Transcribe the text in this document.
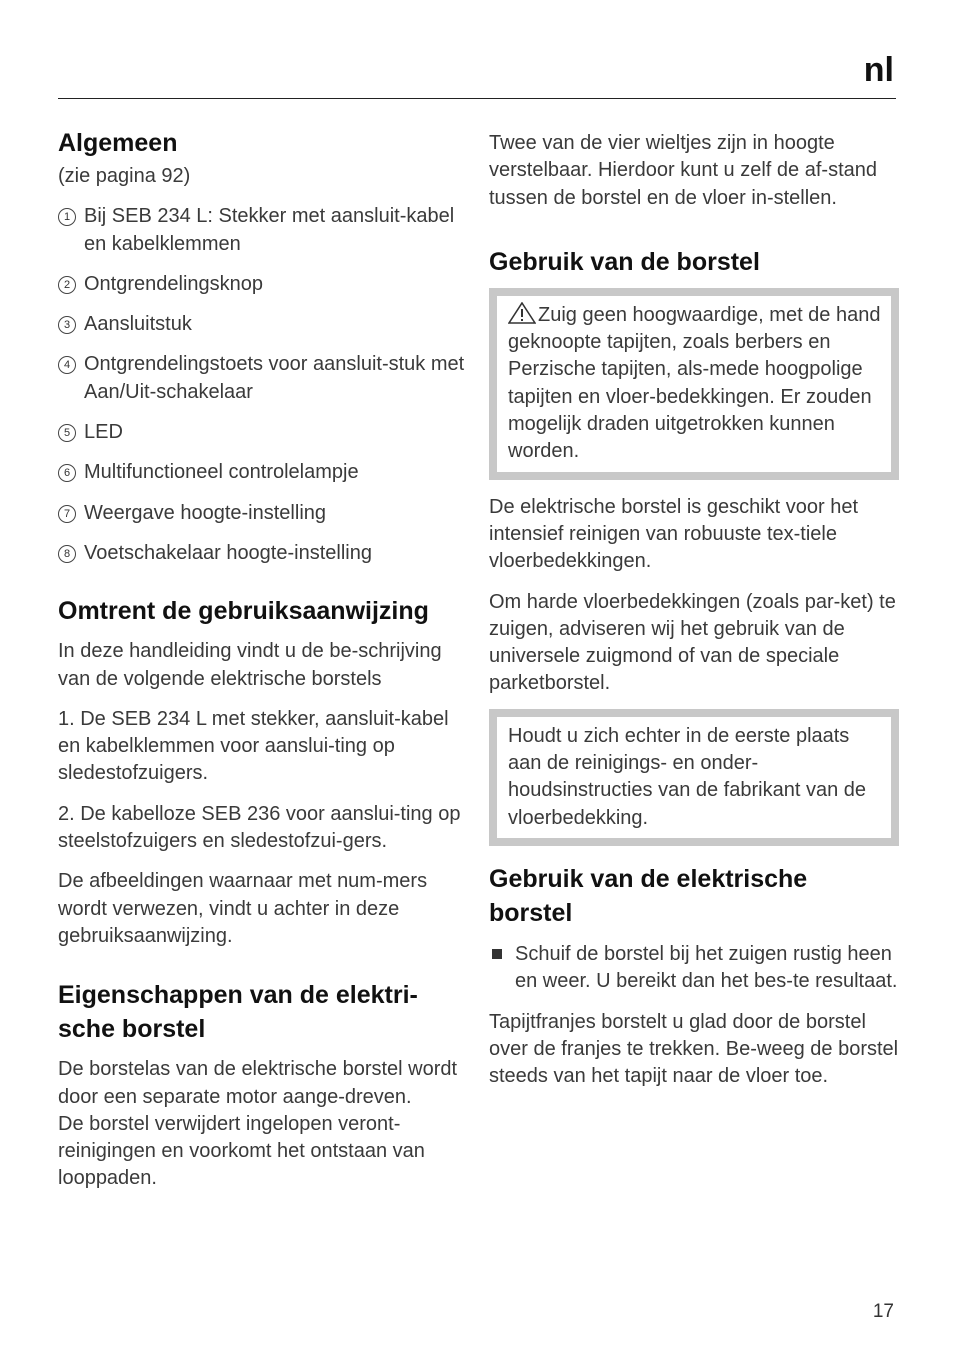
nl
Algemeen

(zie pagina 92)

1 Bij SEB 234 L: Stekker met aansluit-kabel en kabelklemmen
2 Ontgrendelingsknop
3 Aansluitstuk
4 Ontgrendelingstoets voor aansluit-stuk met Aan/Uit-schakelaar
5 LED
6 Multifunctioneel controlelampje
7 Weergave hoogte-instelling
8 Voetschakelaar hoogte-instelling
Omtrent de gebruiksaanwijzing

In deze handleiding vindt u de be-schrijving van de volgende elektrische borstels

1. De SEB 234 L met stekker, aansluit-kabel en kabelklemmen voor aanslui-ting op sledestofzuigers.

2. De kabelloze SEB 236 voor aanslui-ting op steelstofzuigers en sledestofzui-gers.

De afbeeldingen waarnaar met num-mers wordt verwezen, vindt u achter in deze gebruiksaanwijzing.

Eigenschappen van de elektri-sche borstel

De borstelas van de elektrische borstel wordt door een separate motor aange-dreven.

De borstel verwijdert ingelopen veront-reinigingen en voorkomt het ontstaan van looppaden.

Twee van de vier wieltjes zijn in hoogte verstelbaar. Hierdoor kunt u zelf de af-stand tussen de borstel en de vloer in-stellen.

Gebruik van de borstel

Zuig geen hoogwaardige, met de hand geknoopte tapijten, zoals berbers en Perzische tapijten, als-mede hoogpolige tapijten en vloer-bedekkingen. Er zouden mogelijk draden uitgetrokken kunnen worden.

De elektrische borstel is geschikt voor het intensief reinigen van robuuste tex-tiele vloerbedekkingen.

Om harde vloerbedekkingen (zoals par-ket) te zuigen, adviseren wij het gebruik van de universele zuigmond of van de speciale parketborstel.

Houdt u zich echter in de eerste plaats aan de reinigings- en onder-houdsinstructies van de fabrikant van de vloerbedekking.

Gebruik van de elektrische borstel

Schuif de borstel bij het zuigen rustig heen en weer. U bereikt dan het bes-te resultaat.

Tapijtfranjes borstelt u glad door de borstel over de franjes te trekken. Be-weeg de borstel steeds van het tapijt naar de vloer toe.

17
